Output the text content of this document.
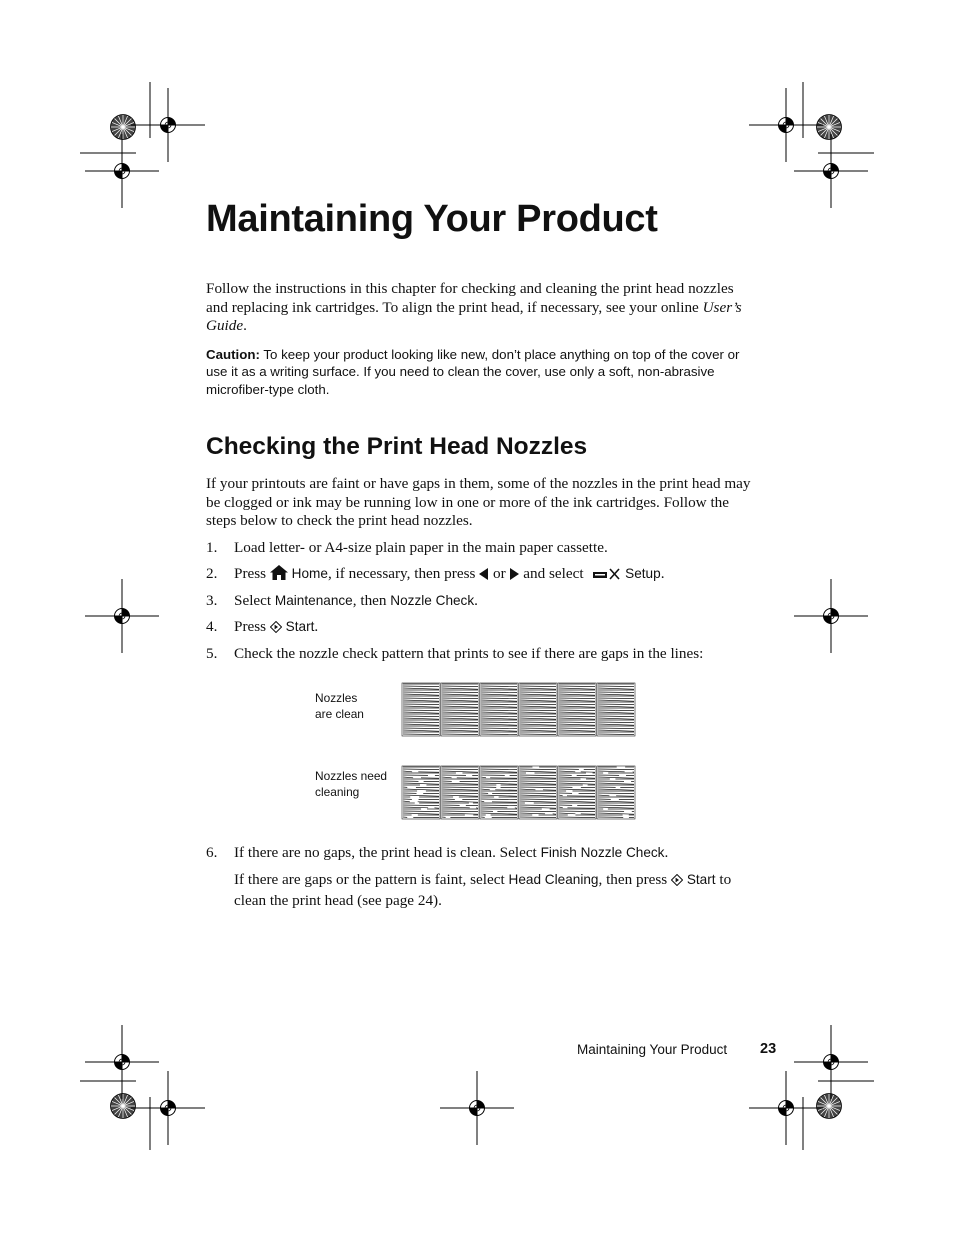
Maintaining Your Product
Follow the instructions in this chapter for checking and cleaning the print head nozzles and replacing ink cartridges. To align the print head, if necessary, see your online User’s Guide.
Caution: To keep your product looking like new, don’t place anything on top of the cover or use it as a writing surface. If you need to clean the cover, use only a soft, non-abrasive microfiber-type cloth.
Checking the Print Head Nozzles
If your printouts are faint or have gaps in them, some of the nozzles in the print head may be clogged or ink may be running low in one or more of the ink cartridges. Follow the steps below to check the print head nozzles.
1. Load letter- or A4-size plain paper in the main paper cassette.
2. Press  Home, if necessary, then press  or  and select	Setup.
3. Select Maintenance, then Nozzle Check.
4. Press  Start.
5. Check the nozzle check pattern that prints to see if there are gaps in the lines:
Nozzles
are clean
Nozzles need
cleaning
6. If there are no gaps, the print head is clean. Select Finish Nozzle Check.
If there are gaps or the pattern is faint, select Head Cleaning, then press  Start to clean the print head (see page 24).
Maintaining Your Product 23
